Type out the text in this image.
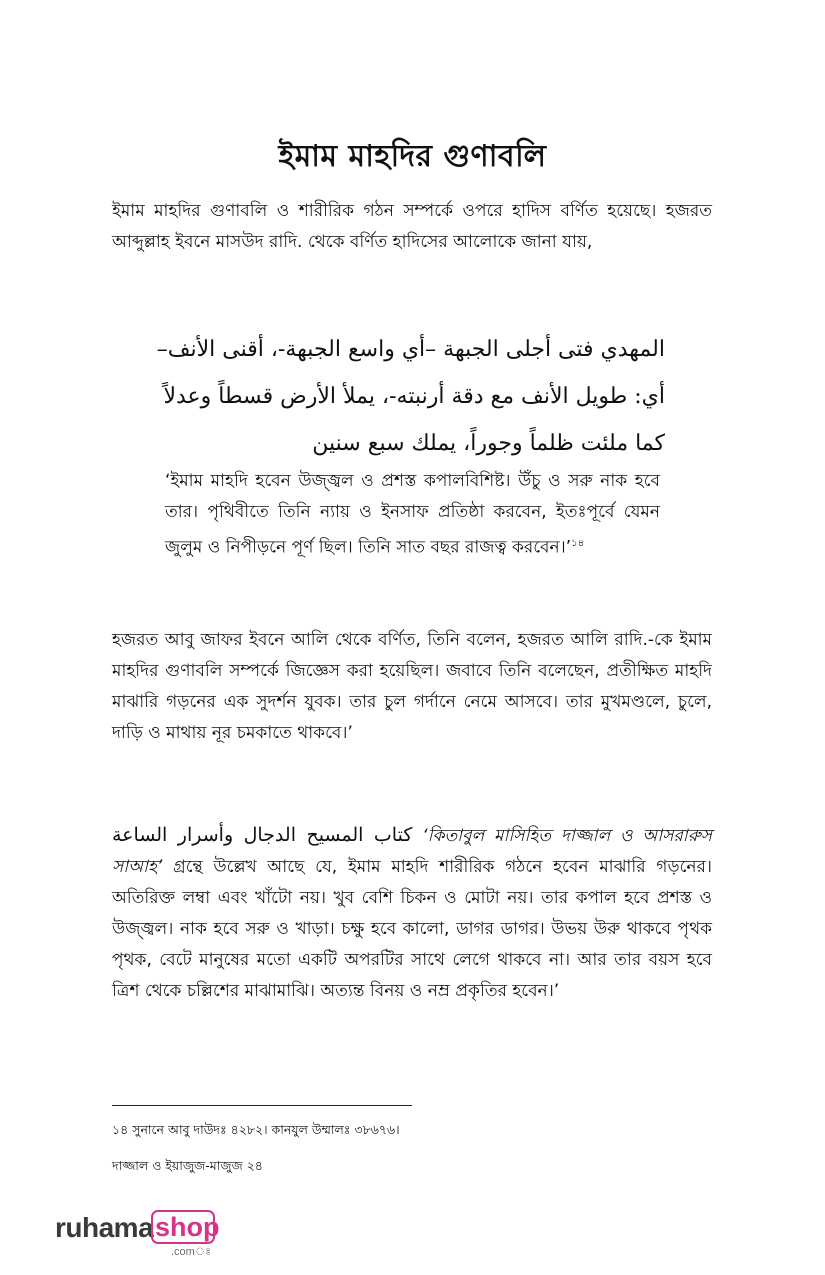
ইমাম মাহদির গুণাবলি

ইমাম মাহদির গুণাবলি ও শারীরিক গঠন সম্পর্কে ওপরে হাদিস বর্ণিত হয়েছে। হজরত আব্দুল্লাহ ইবনে মাসউদ রাদি. থেকে বর্ণিত হাদিসের আলোকে জানা যায়,

المهدي فتى أجلى الجبهة –أي واسع الجبهة-، أقنى الأنف–

أي: طويل الأنف مع دقة أرنبته-، يملأ الأرض قسطاً وعدلاً

كما ملئت ظلماً وجوراً، يملك سبع سنين

‘ইমাম মাহদি হবেন উজ্জ্বল ও প্রশস্ত কপালবিশিষ্ট। উঁচু ও সরু নাক হবে তার। পৃথিবীতে তিনি ন্যায় ও ইনসাফ প্রতিষ্ঠা করবেন, ইতঃপূর্বে যেমন জুলুম ও নিপীড়নে পূর্ণ ছিল। তিনি সাত বছর রাজত্ব করবেন।’$^{১৪}$

হজরত আবু জাফর ইবনে আলি থেকে বর্ণিত, তিনি বলেন, হজরত আলি রাদি.-কে ইমাম মাহদির গুণাবলি সম্পর্কে জিজ্ঞেস করা হয়েছিল। জবাবে তিনি বলেছেন, প্রতীক্ষিত মাহদি মাঝারি গড়নের এক সুদর্শন যুবক। তার চুল গর্দানে নেমে আসবে। তার মুখমণ্ডলে, চুলে, দাড়ি ও মাথায় নূর চমকাতে থাকবে।’

كتاب المسيح الدجال وأسرار الساعة ‘কিতাবুল মাসিহিত দাজ্জাল ও আসরারুস সাআহ’ গ্রন্থে উল্লেখ আছে যে, ইমাম মাহদি শারীরিক গঠনে হবেন মাঝারি গড়নের। অতিরিক্ত লম্বা এবং খাঁটো নয়। খুব বেশি চিকন ও মোটা নয়। তার কপাল হবে প্রশস্ত ও উজ্জ্বল। নাক হবে সরু ও খাড়া। চক্ষু হবে কালো, ডাগর ডাগর। উভয় উরু থাকবে পৃথক পৃথক, বেটে মানুষের মতো একটি অপরটির সাথে লেগে থাকবে না। আর তার বয়স হবে ত্রিশ থেকে চল্লিশের মাঝামাঝি। অত্যন্ত বিনয় ও নম্র প্রকৃতির হবেন।’

১৪ সুনানে আবু দাউদঃ ৪২৮২। কানযুল উম্মালঃ ৩৮৬৭৬।

দাজ্জাল ও ইয়াজুজ-মাজুজ ২৪

ruhama shop
.comঃ
